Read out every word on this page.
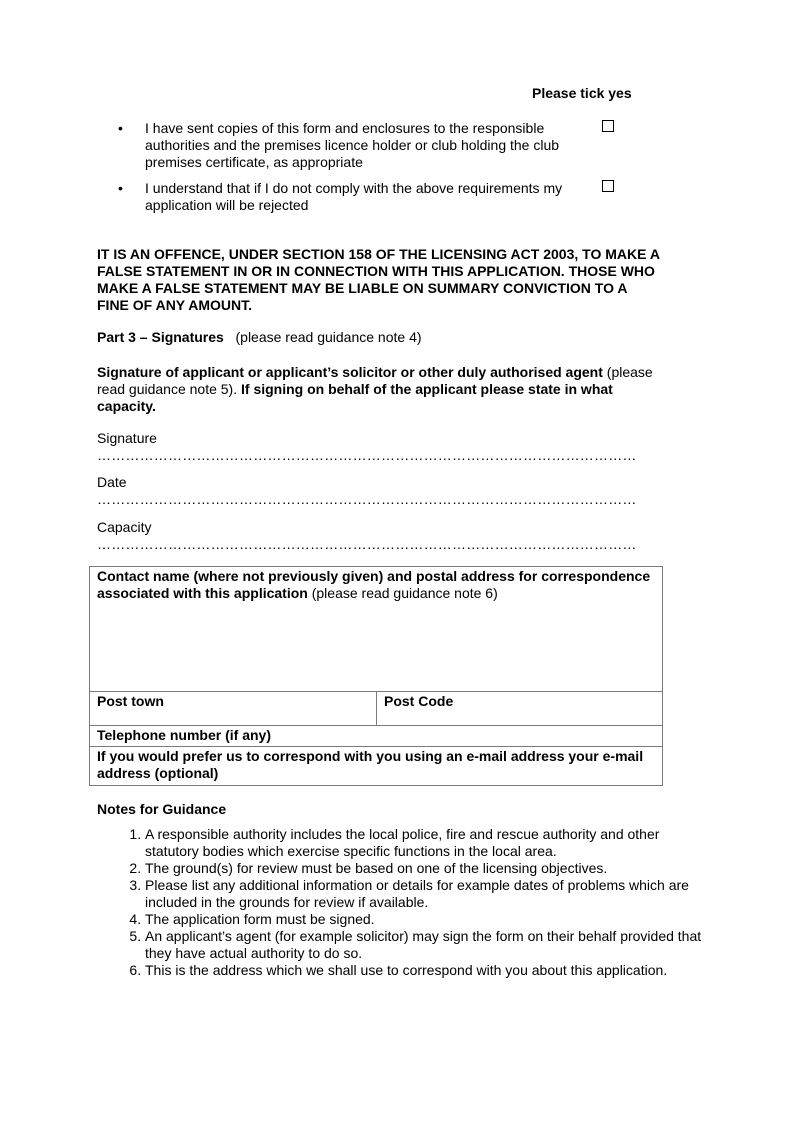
Please tick yes
• I have sent copies of this form and enclosures to the responsible authorities and the premises licence holder or club holding the club premises certificate, as appropriate
• I understand that if I do not comply with the above requirements my application will be rejected
IT IS AN OFFENCE, UNDER SECTION 158 OF THE LICENSING ACT 2003, TO MAKE A FALSE STATEMENT IN OR IN CONNECTION WITH THIS APPLICATION. THOSE WHO MAKE A FALSE STATEMENT MAY BE LIABLE ON SUMMARY CONVICTION TO A FINE OF ANY AMOUNT.
Part 3 – Signatures (please read guidance note 4)
Signature of applicant or applicant’s solicitor or other duly authorised agent (please read guidance note 5). If signing on behalf of the applicant please state in what capacity.
Signature
……………………………………………………………………………………………………
Date
……………………………………………………………………………………………………
Capacity
……………………………………………………………………………………………………
Contact name (where not previously given) and postal address for correspondence associated with this application (please read guidance note 6)
Post town	Post Code
Telephone number (if any)
If you would prefer us to correspond with you using an e-mail address your e-mail address (optional)
Notes for Guidance
1. A responsible authority includes the local police, fire and rescue authority and other statutory bodies which exercise specific functions in the local area.
2. The ground(s) for review must be based on one of the licensing objectives.
3. Please list any additional information or details for example dates of problems which are included in the grounds for review if available.
4. The application form must be signed.
5. An applicant’s agent (for example solicitor) may sign the form on their behalf provided that they have actual authority to do so.
6. This is the address which we shall use to correspond with you about this application.
